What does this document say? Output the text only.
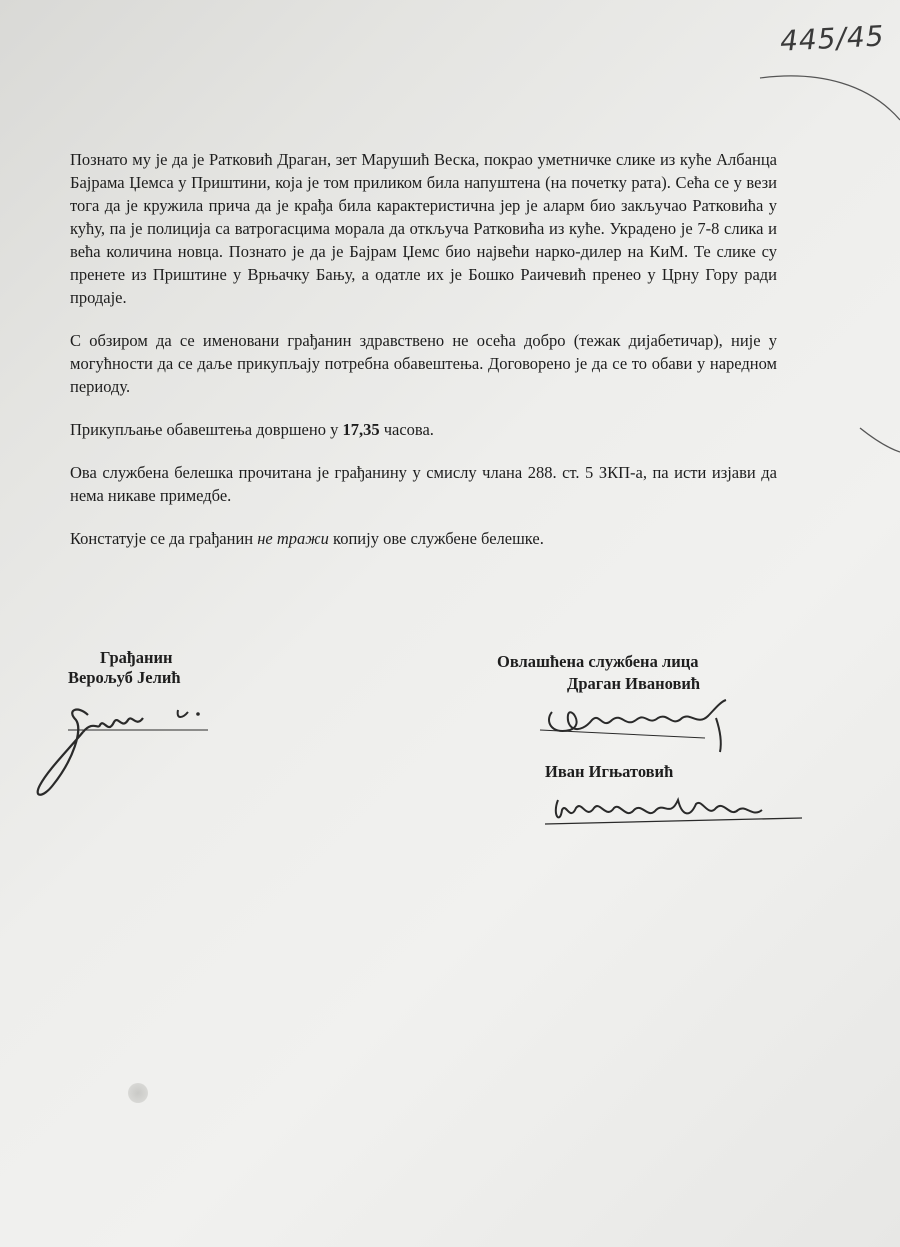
445/45

Познато му је да је Ратковић Драган, зет Марушић Веска, покрао уметничке слике из куће Албанца Бајрама Џемса у Приштини, која је том приликом била напуштена (на почетку рата). Сећа се у вези тога да је кружила прича да је крађа била карактеристична јер је аларм био закључао Ратковића у кућу, па је полиција са ватрогасцима морала да откључа Ратковића из куће. Украдено је 7-8 слика и већа количина новца. Познато је да је Бајрам Џемс био највећи нарко-дилер на КиМ. Те слике су пренете из Приштине у Врњачку Бању, а одатле их је Бошко Раичевић пренео у Црну Гору ради продаје.

С обзиром да се именовани грађанин здравствено не осећа добро (тежак дијабетичар), није у могућности да се даље прикупљају потребна обавештења. Договорено је да се то обави у наредном периоду.

Прикупљање обавештења довршено у 17,35 часова.

Ова службена белешка прочитана је грађанину у смислу члана 288. ст. 5 ЗКП-а, па исти изјави да нема никаве примедбе.

Констатује се да грађанин не тражи копију ове службене белешке.

Грађанин
Верољуб Јелић
Овлашћена службена лица
Драган Ивановић
Иван Игњатовић
